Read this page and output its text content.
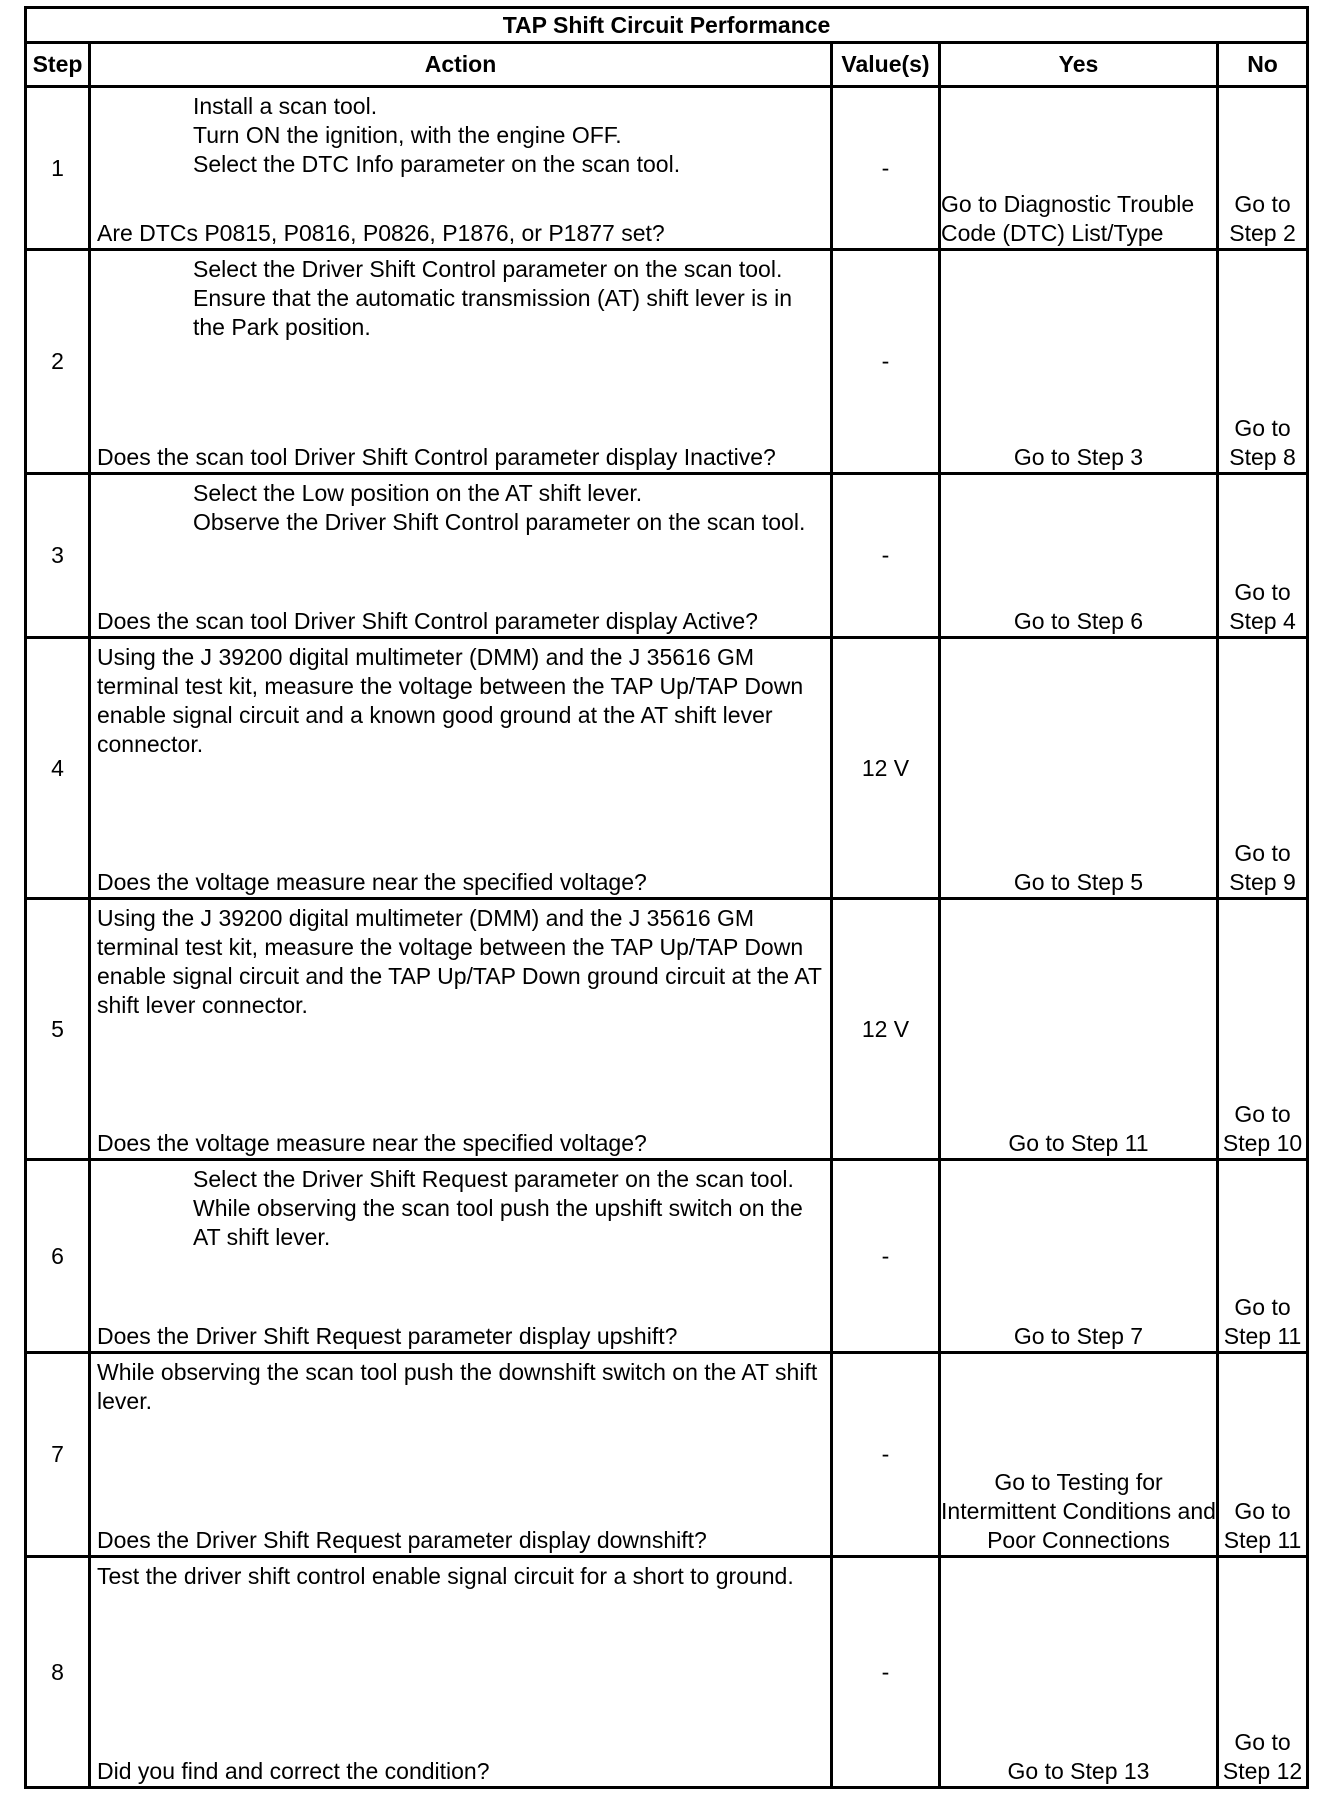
TAP Shift Circuit Performance				
Step	Action	Value(s)	Yes	No
1	Install a scan tool.
Turn ON the ignition, with the engine OFF.
Select the DTC Info parameter on the scan tool.
Are DTCs P0815, P0816, P0826, P1876, or P1877 set?	-	Go to Diagnostic Trouble Code (DTC) List/Type	Go to Step 2
2	Select the Driver Shift Control parameter on the scan tool.
Ensure that the automatic transmission (AT) shift lever is in the Park position.
Does the scan tool Driver Shift Control parameter display Inactive?	-	Go to Step 3	Go to Step 8
3	Select the Low position on the AT shift lever.
Observe the Driver Shift Control parameter on the scan tool.
Does the scan tool Driver Shift Control parameter display Active?	-	Go to Step 6	Go to Step 4
4	Using the J 39200 digital multimeter (DMM) and the J 35616 GM terminal test kit, measure the voltage between the TAP Up/TAP Down enable signal circuit and a known good ground at the AT shift lever connector.
Does the voltage measure near the specified voltage?	12 V	Go to Step 5	Go to Step 9
5	Using the J 39200 digital multimeter (DMM) and the J 35616 GM terminal test kit, measure the voltage between the TAP Up/TAP Down enable signal circuit and the TAP Up/TAP Down ground circuit at the AT shift lever connector.
Does the voltage measure near the specified voltage?	12 V	Go to Step 11	Go to Step 10
6	Select the Driver Shift Request parameter on the scan tool.
While observing the scan tool push the upshift switch on the AT shift lever.
Does the Driver Shift Request parameter display upshift?	-	Go to Step 7	Go to Step 11
7	While observing the scan tool push the downshift switch on the AT shift lever.
Does the Driver Shift Request parameter display downshift?	-	Go to Testing for Intermittent Conditions and Poor Connections	Go to Step 11
8	Test the driver shift control enable signal circuit for a short to ground.
Did you find and correct the condition?	-	Go to Step 13	Go to Step 12
